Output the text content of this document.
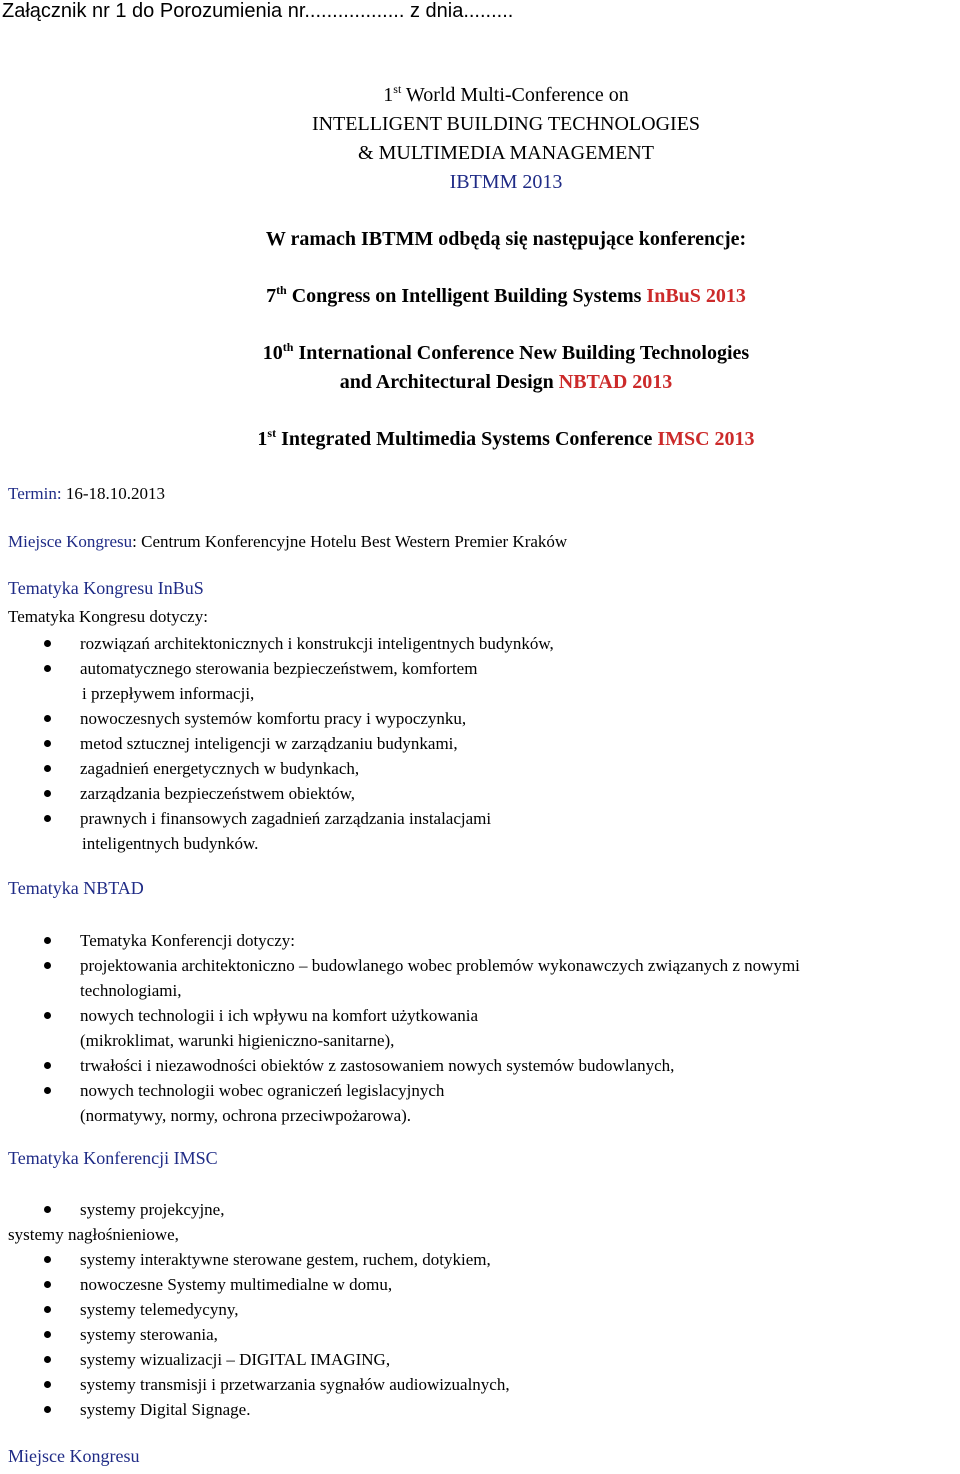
Załącznik nr 1 do Porozumienia nr.................. z dnia.........
1st World Multi-Conference on
INTELLIGENT BUILDING TECHNOLOGIES
& MULTIMEDIA MANAGEMENT
IBTMM 2013
W ramach IBTMM odbędą się następujące konferencje:
7th Congress on Intelligent Building Systems InBuS 2013
10th International Conference New Building Technologies
and Architectural Design NBTAD 2013
1st Integrated Multimedia Systems Conference IMSC 2013
Termin: 16-18.10.2013
Miejsce Kongresu: Centrum Konferencyjne Hotelu Best Western Premier Kraków
Tematyka Kongresu InBuS
Tematyka Kongresu dotyczy:
rozwiązań architektonicznych i konstrukcji inteligentnych budynków,
automatycznego sterowania bezpieczeństwem, komfortem
i przepływem informacji,
nowoczesnych systemów komfortu pracy i wypoczynku,
metod sztucznej inteligencji w zarządzaniu budynkami,
zagadnień energetycznych w budynkach,
zarządzania bezpieczeństwem obiektów,
prawnych i finansowych zagadnień zarządzania instalacjami
inteligentnych budynków.
Tematyka NBTAD
Tematyka Konferencji dotyczy:
projektowania architektoniczno – budowlanego wobec problemów wykonawczych związanych z nowymi
technologiami,
nowych technologii i ich wpływu na komfort użytkowania
(mikroklimat, warunki higieniczno-sanitarne),
trwałości i niezawodności obiektów z zastosowaniem nowych systemów budowlanych,
nowych technologii wobec ograniczeń legislacyjnych
(normatywy, normy, ochrona przeciwpożarowa).
Tematyka Konferencji IMSC
systemy projekcyjne,
systemy nagłośnieniowe,
systemy interaktywne sterowane gestem, ruchem, dotykiem,
nowoczesne Systemy multimedialne w domu,
systemy telemedycyny,
systemy sterowania,
systemy wizualizacji – DIGITAL IMAGING,
systemy transmisji i przetwarzania sygnałów audiowizualnych,
systemy Digital Signage.
Miejsce Kongresu
